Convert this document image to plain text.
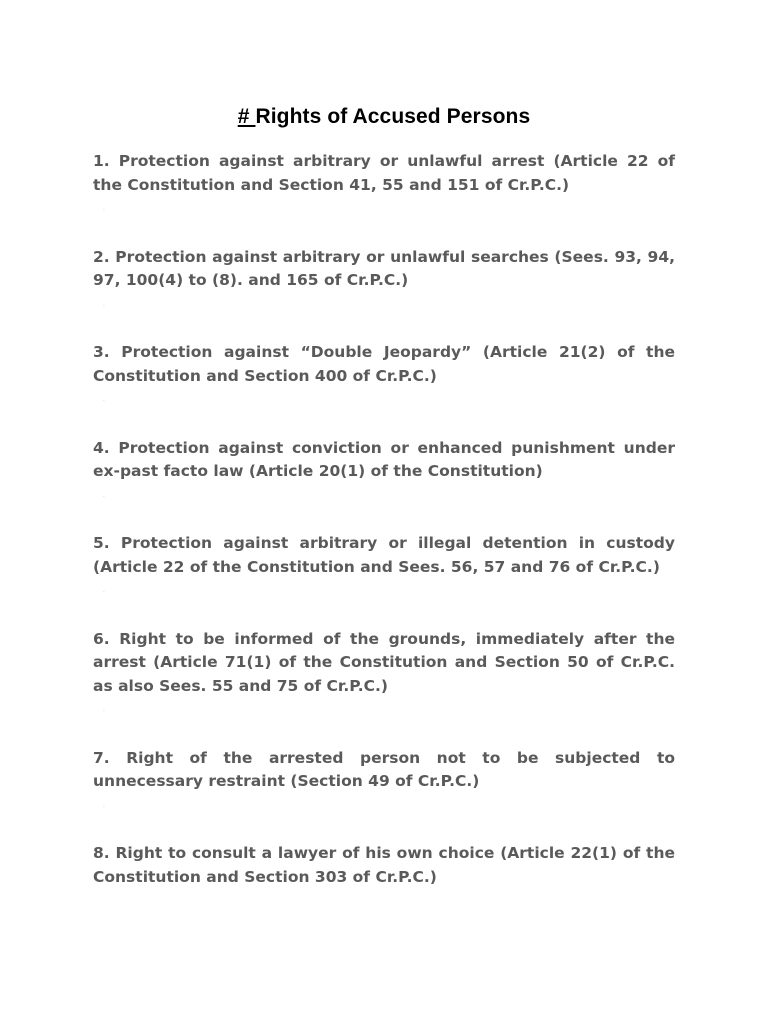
# Rights of Accused Persons

1. Protection against arbitrary or unlawful arrest (Article 22 of the Constitution and Section 41, 55 and 151 of Cr.P.C.)

.

2. Protection against arbitrary or unlawful searches (Sees. 93, 94, 97, 100(4) to (8). and 165 of Cr.P.C.)

.

3. Protection against “Double Jeopardy” (Article 21(2) of the Constitution and Section 400 of Cr.P.C.)

.

4. Protection against conviction or enhanced punishment under ex-past facto law (Article 20(1) of the Constitution)

.

5. Protection against arbitrary or illegal detention in custody (Article 22 of the Constitution and Sees. 56, 57 and 76 of Cr.P.C.)

.

6. Right to be informed of the grounds, immediately after the arrest (Article 71(1) of the Constitution and Section 50 of Cr.P.C. as also Sees. 55 and 75 of Cr.P.C.)

.

7. Right of the arrested person not to be subjected to unnecessary restraint (Section 49 of Cr.P.C.)

.

8. Right to consult a lawyer of his own choice (Article 22(1) of the Constitution and Section 303 of Cr.P.C.)
